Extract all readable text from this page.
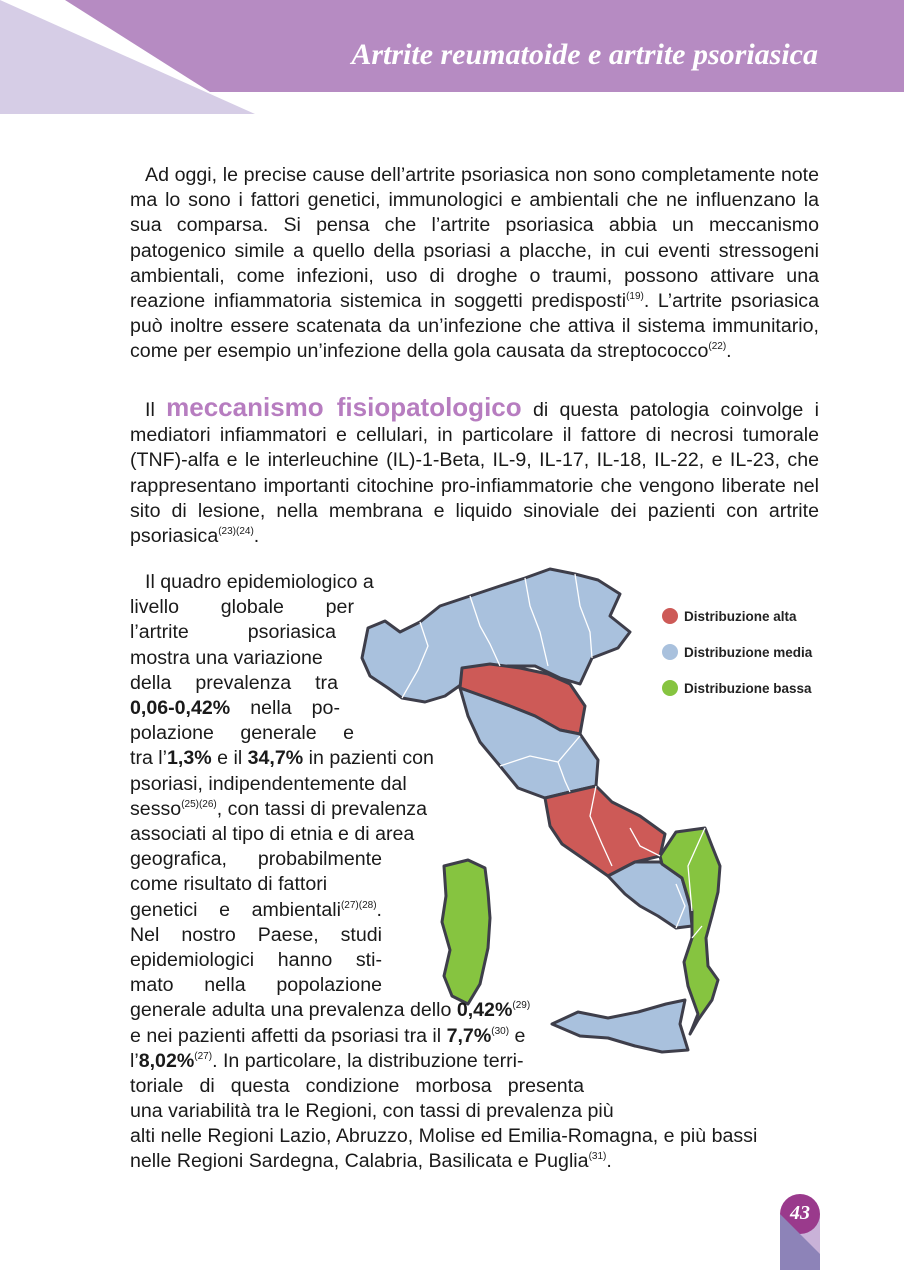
Artrite reumatoide e artrite psoriasica

Ad oggi, le precise cause dell’artrite psoriasica non sono completamente note ma lo sono i fattori genetici, immunologici e ambientali che ne influenzano la sua comparsa. Si pensa che l’artrite psoriasica abbia un meccanismo patogenico simile a quello della psoriasi a placche, in cui eventi stressogeni ambientali, come infezioni, uso di droghe o traumi, possono attivare una reazione infiammatoria sistemica in soggetti predisposti$^{(19)}$. L’artrite psoriasica può inoltre essere scatenata da un’infezione che attiva il sistema immunitario, come per esempio un’infezione della gola causata da streptococco$^{(22)}$.

Il meccanismo fisiopatologico di questa patologia coinvolge i mediatori infiammatori e cellulari, in particolare il fattore di necrosi tumorale (TNF)-alfa e le interleuchine (IL)-1-Beta, IL-9, IL-17, IL-18, IL-22, e IL-23, che rappresentano importanti citochine pro-infiammatorie che vengono liberate nel sito di lesione, nella membrana e liquido sinoviale dei pazienti con artrite psoriasica$^{(23)(24)}$.

Distribuzione alta
Distribuzione media
Distribuzione bassa
Il quadro epidemiologico a
livello globale per
l’artrite	psoriasica
mostra una variazione
della prevalenza tra
0,06-0,42% nella po-
polazione generale e
tra l’1,3% e il 34,7% in pazienti con
psoriasi, indipendentemente dal
sesso$^{(25)(26)}$, con tassi di prevalenza
associati al tipo di etnia e di area
geografica, probabilmente
come risultato di fattori
genetici e ambientali$^{(27)(28)}$.
Nel nostro Paese, studi
epidemiologici hanno sti-
mato nella popolazione
generale adulta una prevalenza dello 0,42%$^{(29)}$
e nei pazienti affetti da psoriasi tra il 7,7%$^{(30)}$ e
l’8,02%$^{(27)}$. In particolare, la distribuzione terri-
toriale di questa condizione morbosa presenta
una variabilità tra le Regioni, con tassi di prevalenza più
alti nelle Regioni Lazio, Abruzzo, Molise ed Emilia-Romagna, e più bassi
nelle Regioni Sardegna, Calabria, Basilicata e Puglia$^{(31)}$.
43
